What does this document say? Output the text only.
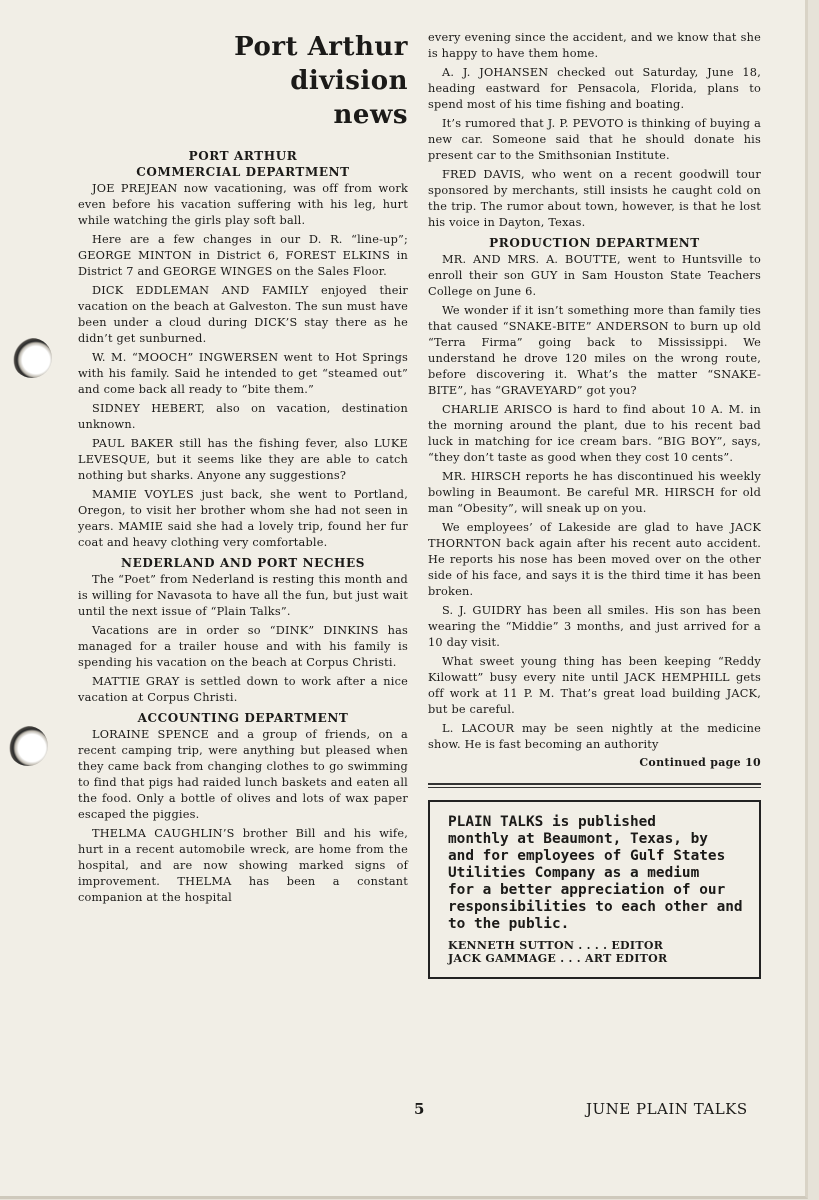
Port Arthur
division
news
PORT ARTHUR
COMMERCIAL DEPARTMENT

JOE PREJEAN now vacationing, was off from work even before his vacation suffering with his leg, hurt while watching the girls play soft ball.

Here are a few changes in our D. R. “line-up”; GEORGE MINTON in District 6, FOREST ELKINS in District 7 and GEORGE WINGES on the Sales Floor.

DICK EDDLEMAN AND FAMILY enjoyed their vacation on the beach at Galveston. The sun must have been under a cloud during DICK’S stay there as he didn’t get sunburned.

W. M. “MOOCH” INGWERSEN went to Hot Springs with his family. Said he intended to get “steamed out” and come back all ready to “bite them.”

SIDNEY HEBERT, also on vacation, destination unknown.

PAUL BAKER still has the fishing fever, also LUKE LEVESQUE, but it seems like they are able to catch nothing but sharks. Anyone any suggestions?

MAMIE VOYLES just back, she went to Portland, Oregon, to visit her brother whom she had not seen in years. MAMIE said she had a lovely trip, found her fur coat and heavy clothing very comfortable.

NEDERLAND AND PORT NECHES

The “Poet” from Nederland is resting this month and is willing for Navasota to have all the fun, but just wait until the next issue of “Plain Talks”.

Vacations are in order so “DINK” DINKINS has managed for a trailer house and with his family is spending his vacation on the beach at Corpus Christi.

MATTIE GRAY is settled down to work after a nice vacation at Corpus Christi.

ACCOUNTING DEPARTMENT

LORAINE SPENCE and a group of friends, on a recent camping trip, were anything but pleased when they came back from changing clothes to go swimming to find that pigs had raided lunch baskets and eaten all the food. Only a bottle of olives and lots of wax paper escaped the piggies.

THELMA CAUGHLIN’S brother Bill and his wife, hurt in a recent automobile wreck, are home from the hospital, and are now showing marked signs of improvement. THELMA has been a constant companion at the hospital

every evening since the accident, and we know that she is happy to have them home.

A. J. JOHANSEN checked out Saturday, June 18, heading eastward for Pensacola, Florida, plans to spend most of his time fishing and boating.

It’s rumored that J. P. PEVOTO is thinking of buying a new car. Someone said that he should donate his present car to the Smithsonian Institute.

FRED DAVIS, who went on a recent goodwill tour sponsored by merchants, still insists he caught cold on the trip. The rumor about town, however, is that he lost his voice in Dayton, Texas.

PRODUCTION DEPARTMENT

MR. AND MRS. A. BOUTTE, went to Huntsville to enroll their son GUY in Sam Houston State Teachers College on June 6.

We wonder if it isn’t something more than family ties that caused “SNAKE-BITE” ANDERSON to burn up old “Terra Firma” going back to Mississippi. We understand he drove 120 miles on the wrong route, before discovering it. What’s the matter “SNAKE-BITE”, has “GRAVEYARD” got you?

CHARLIE ARISCO is hard to find about 10 A. M. in the morning around the plant, due to his recent bad luck in matching for ice cream bars. “BIG BOY”, says, “they don’t taste as good when they cost 10 cents”.

MR. HIRSCH reports he has discontinued his weekly bowling in Beaumont. Be careful MR. HIRSCH for old man “Obesity”, will sneak up on you.

We employees’ of Lakeside are glad to have JACK THORNTON back again after his recent auto accident. He reports his nose has been moved over on the other side of his face, and says it is the third time it has been broken.

S. J. GUIDRY has been all smiles. His son has been wearing the “Middie” 3 months, and just arrived for a 10 day visit.

What sweet young thing has been keeping “Reddy Kilowatt” busy every nite until JACK HEMPHILL gets off work at 11 P. M. That’s great load building JACK, but be careful.

L. LACOUR may be seen nightly at the medicine show. He is fast becoming an authority

Continued page 10
PLAIN TALKS is published
monthly at Beaumont, Texas, by
and for employees of Gulf States
Utilities Company as a medium
for a better appreciation of our
responsibilities to each other and
to the public.
KENNETH SUTTON . . . . EDITOR
JACK GAMMAGE . . . ART EDITOR
5	JUNE PLAIN TALKS
